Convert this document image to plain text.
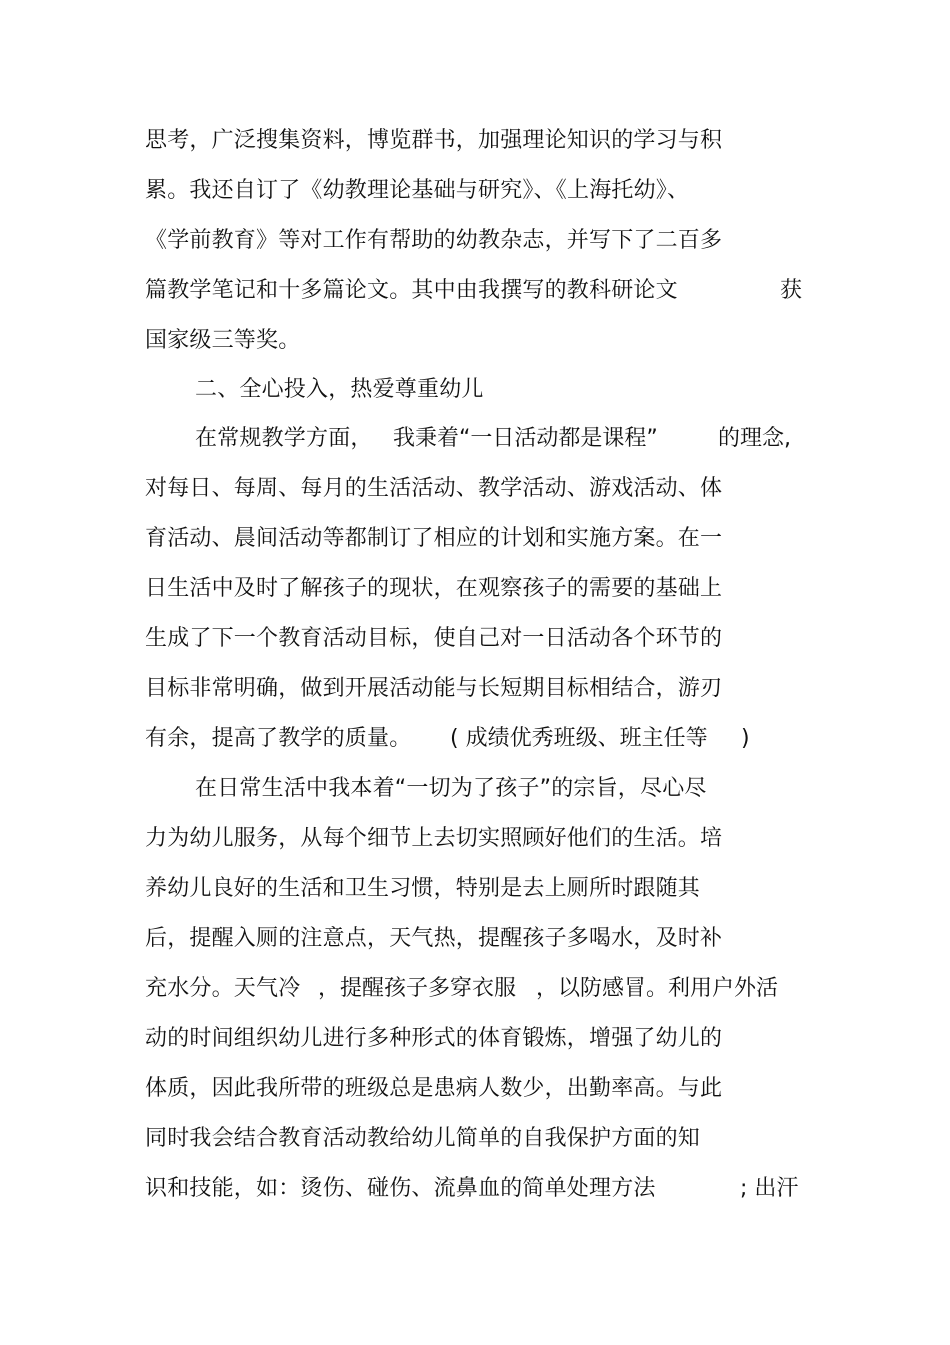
思考，广泛搜集资料，博览群书，加强理论知识的学习与积
累。我还自订了《幼教理论基础与研究》、《上海托幼》、
《学前教育》等对工作有帮助的幼教杂志，并写下了二百多
篇教学笔记和十多篇论文。其中由我撰写的教科研论文	获
国家级三等奖。
二、全心投入，热爱尊重幼儿
在常规教学方面， 我秉着“一日活动都是课程”	的理念,
对每日、每周、每月的生活活动、教学活动、游戏活动、体
育活动、晨间活动等都制订了相应的计划和实施方案。在一
日生活中及时了解孩子的现状，在观察孩子的需要的基础上
生成了下一个教育活动目标，使自己对一日活动各个环节的
目标非常明确，做到开展活动能与长短期目标相结合，游刃
有余，提高了教学的质量。 ( 成绩优秀班级、班主任等 )
在日常生活中我本着“一切为了孩子”的宗旨，尽心尽
力为幼儿服务，从每个细节上去切实照顾好他们的生活。培
养幼儿良好的生活和卫生习惯，特别是去上厕所时跟随其
后，提醒入厕的注意点，天气热，提醒孩子多喝水，及时补
充水分。天气冷 ，提醒孩子多穿衣服 ，以防感冒。利用户外活
动的时间组织幼儿进行多种形式的体育锻炼，增强了幼儿的
体质，因此我所带的班级总是患病人数少，出勤率高。与此
同时我会结合教育活动教给幼儿简单的自我保护方面的知
识和技能，如：烫伤、碰伤、流鼻血的简单处理方法	; 出汗
